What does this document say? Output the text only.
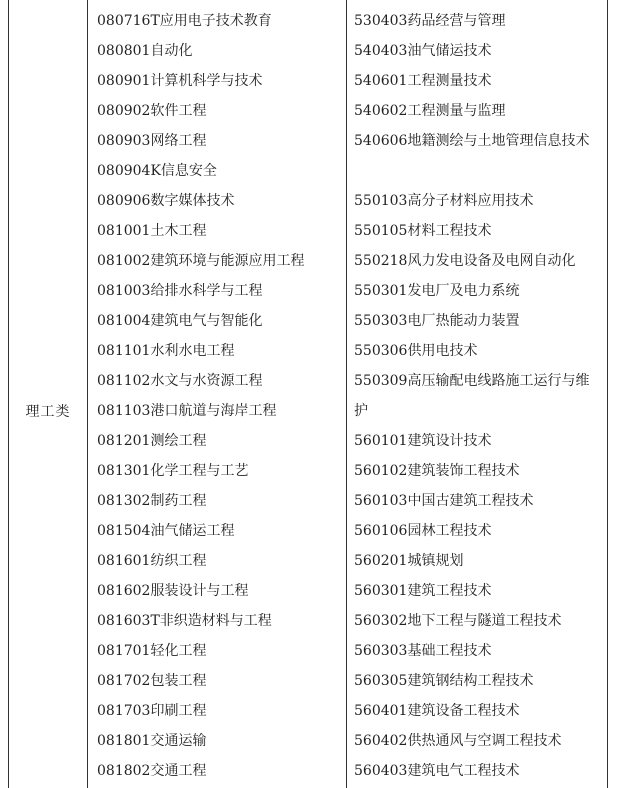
理工类
080716T应用电子技术教育
080801自动化
080901计算机科学与技术
080902软件工程
080903网络工程
080904K信息安全
080906数字媒体技术
081001土木工程
081002建筑环境与能源应用工程
081003给排水科学与工程
081004建筑电气与智能化
081101水利水电工程
081102水文与水资源工程
081103港口航道与海岸工程
081201测绘工程
081301化学工程与工艺
081302制药工程
081504油气储运工程
081601纺织工程
081602服装设计与工程
081603T非织造材料与工程
081701轻化工程
081702包装工程
081703印刷工程
081801交通运输
081802交通工程
530403药品经营与管理
540403油气储运技术
540601工程测量技术
540602工程测量与监理
540606地籍测绘与土地管理信息技术
550103高分子材料应用技术
550105材料工程技术
550218风力发电设备及电网自动化
550301发电厂及电力系统
550303电厂热能动力装置
550306供用电技术
550309高压输配电线路施工运行与维护
560101建筑设计技术
560102建筑装饰工程技术
560103中国古建筑工程技术
560106园林工程技术
560201城镇规划
560301建筑工程技术
560302地下工程与隧道工程技术
560303基础工程技术
560305建筑钢结构工程技术
560401建筑设备工程技术
560402供热通风与空调工程技术
560403建筑电气工程技术
